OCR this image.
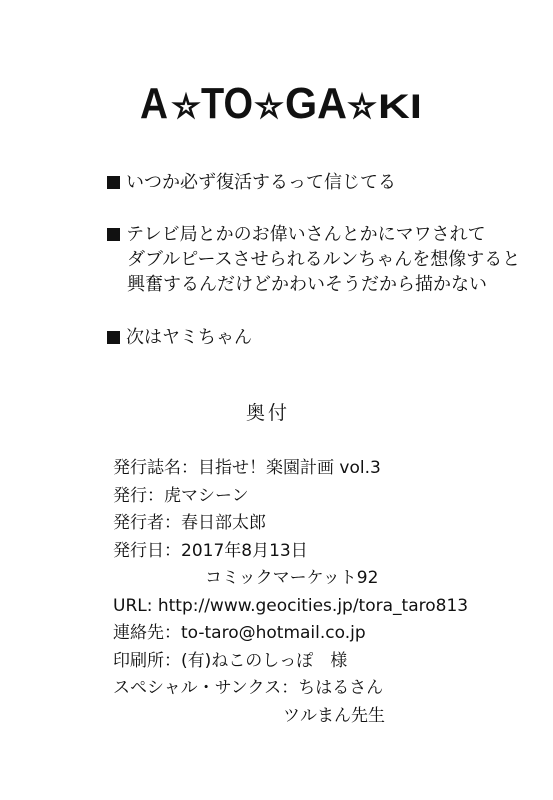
A TO GA KI
いつか必ず復活するって信じてる
テレビ局とかのお偉いさんとかにマワされて
ダブルピースさせられるルンちゃんを想像すると
興奮するんだけどかわいそうだから描かない
次はヤミちゃん
奥付
発行誌名：目指せ！楽園計画 vol.3
発行：虎マシーン
発行者：春日部太郎
発行日：2017年8月13日
コミックマーケット92
URL: http://www.geocities.jp/tora_taro813
連絡先：to-taro@hotmail.co.jp
印刷所：(有)ねこのしっぽ　様
スペシャル・サンクス：ちはるさん
ツルまん先生
